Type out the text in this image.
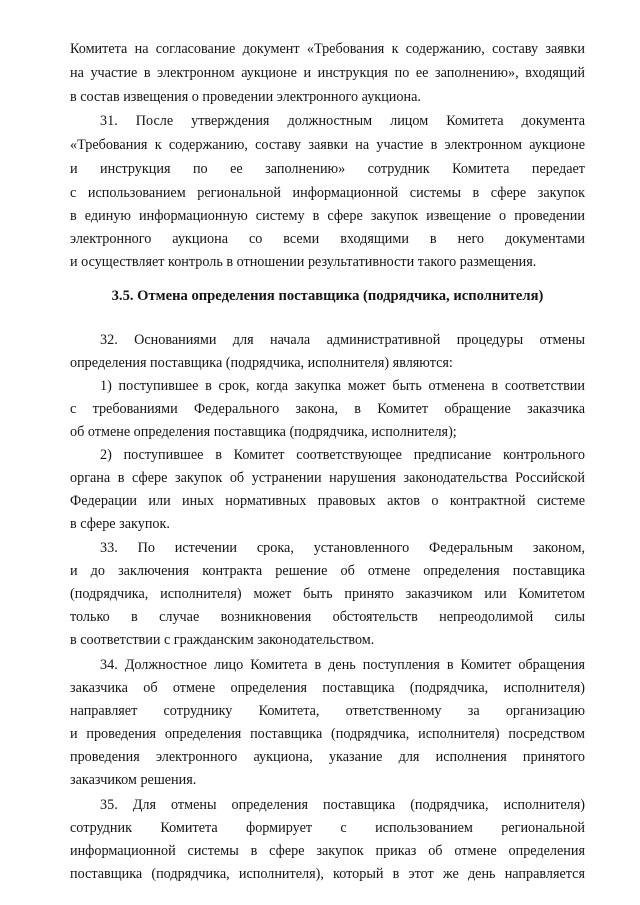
Комитета на согласование документ «Требования к содержанию, составу заявки
на участие в электронном аукционе и инструкция по ее заполнению», входящий
в состав извещения о проведении электронного аукциона.
31. После утверждения должностным лицом Комитета документа
«Требования к содержанию, составу заявки на участие в электронном аукционе
и инструкция по ее заполнению» сотрудник Комитета передает
с использованием региональной информационной системы в сфере закупок
в единую информационную систему в сфере закупок извещение о проведении
электронного аукциона со всеми входящими в него документами
и осуществляет контроль в отношении результативности такого размещения.
3.5. Отмена определения поставщика (подрядчика, исполнителя)
32. Основаниями для начала административной процедуры отмены
определения поставщика (подрядчика, исполнителя) являются:
1) поступившее в срок, когда закупка может быть отменена в соответствии
с требованиями Федерального закона, в Комитет обращение заказчика
об отмене определения поставщика (подрядчика, исполнителя);
2) поступившее в Комитет соответствующее предписание контрольного
органа в сфере закупок об устранении нарушения законодательства Российской
Федерации или иных нормативных правовых актов о контрактной системе
в сфере закупок.
33. По истечении срока, установленного Федеральным законом,
и до заключения контракта решение об отмене определения поставщика
(подрядчика, исполнителя) может быть принято заказчиком или Комитетом
только в случае возникновения обстоятельств непреодолимой силы
в соответствии с гражданским законодательством.
34. Должностное лицо Комитета в день поступления в Комитет обращения
заказчика об отмене определения поставщика (подрядчика, исполнителя)
направляет сотруднику Комитета, ответственному за организацию
и проведения определения поставщика (подрядчика, исполнителя) посредством
проведения электронного аукциона, указание для исполнения принятого
заказчиком решения.
35. Для отмены определения поставщика (подрядчика, исполнителя)
сотрудник Комитета формирует с использованием региональной
информационной системы в сфере закупок приказ об отмене определения
поставщика (подрядчика, исполнителя), который в этот же день направляется
